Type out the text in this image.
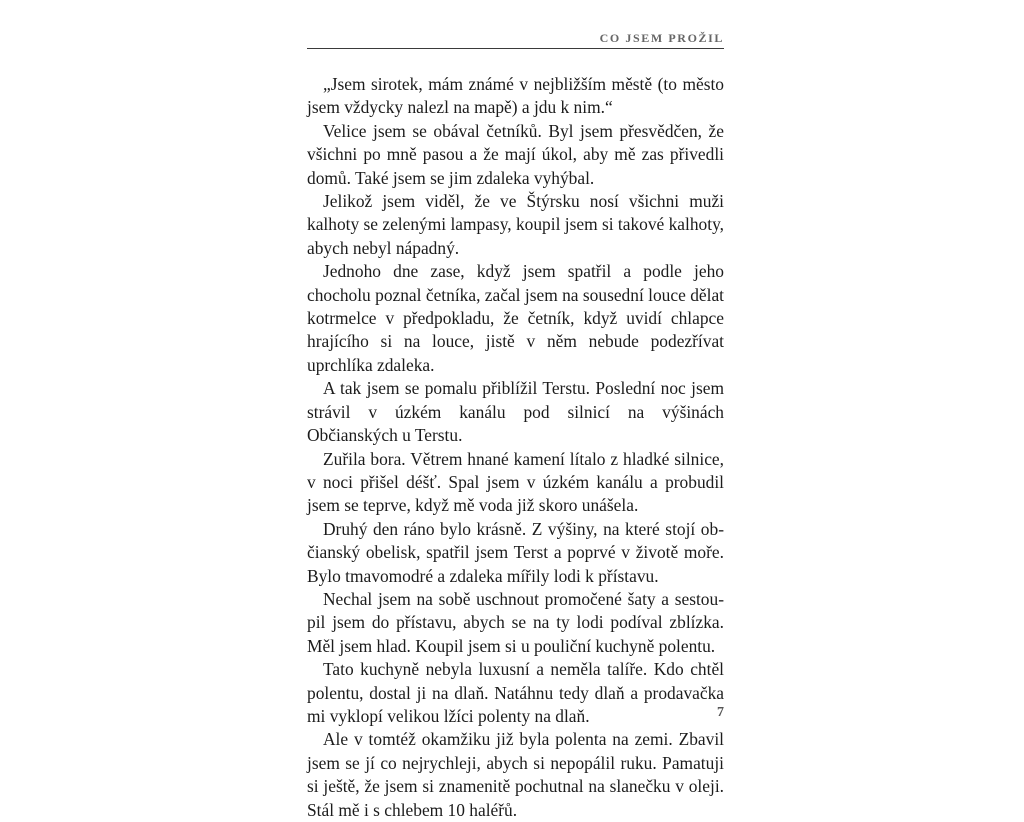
CO JSEM PROŽIL

„Jsem sirotek, mám známé v nejbližším městě (to město jsem vždycky nalezl na mapě) a jdu k nim.“

Velice jsem se obával četníků. Byl jsem přesvědčen, že všichni po mně pasou a že mají úkol, aby mě zas přivedli domů. Také jsem se jim zdaleka vyhýbal.

Jelikož jsem viděl, že ve Štýrsku nosí všichni muži kalhoty se zelenými lampasy, koupil jsem si takové kalhoty, abych nebyl nápadný.

Jednoho dne zase, když jsem spatřil a podle jeho chocholu poznal četníka, začal jsem na sousední louce dělat kotrmelce v předpokladu, že četník, když uvidí chlapce hrajícího si na louce, jistě v něm nebude podezřívat uprchlíka zdaleka.

A tak jsem se pomalu přiblížil Terstu. Poslední noc jsem strávil v úzkém kanálu pod silnicí na výšinách Občianských u Terstu.

Zuřila bora. Větrem hnané kamení lítalo z hladké silnice, v noci přišel déšť. Spal jsem v úzkém kanálu a probudil jsem se teprve, když mě voda již skoro unášela.

Druhý den ráno bylo krásně. Z výšiny, na které stojí občianský obelisk, spatřil jsem Terst a poprvé v životě moře. Bylo tmavomodré a zdaleka mířily lodi k přístavu.

Nechal jsem na sobě uschnout promočené šaty a sestoupil jsem do přístavu, abych se na ty lodi podíval zblízka. Měl jsem hlad. Koupil jsem si u pouliční kuchyně polentu.

Tato kuchyně nebyla luxusní a neměla talíře. Kdo chtěl polentu, dostal ji na dlaň. Natáhnu tedy dlaň a prodavačka mi vyklopí velikou lžíci polenty na dlaň.

Ale v tomtéž okamžiku již byla polenta na zemi. Zbavil jsem se jí co nejrychleji, abych si nepopálil ruku. Pamatuji si ještě, že jsem si znamenitě pochutnal na slanečku v oleji. Stál mě i s chlebem 10 haléřů.

7
